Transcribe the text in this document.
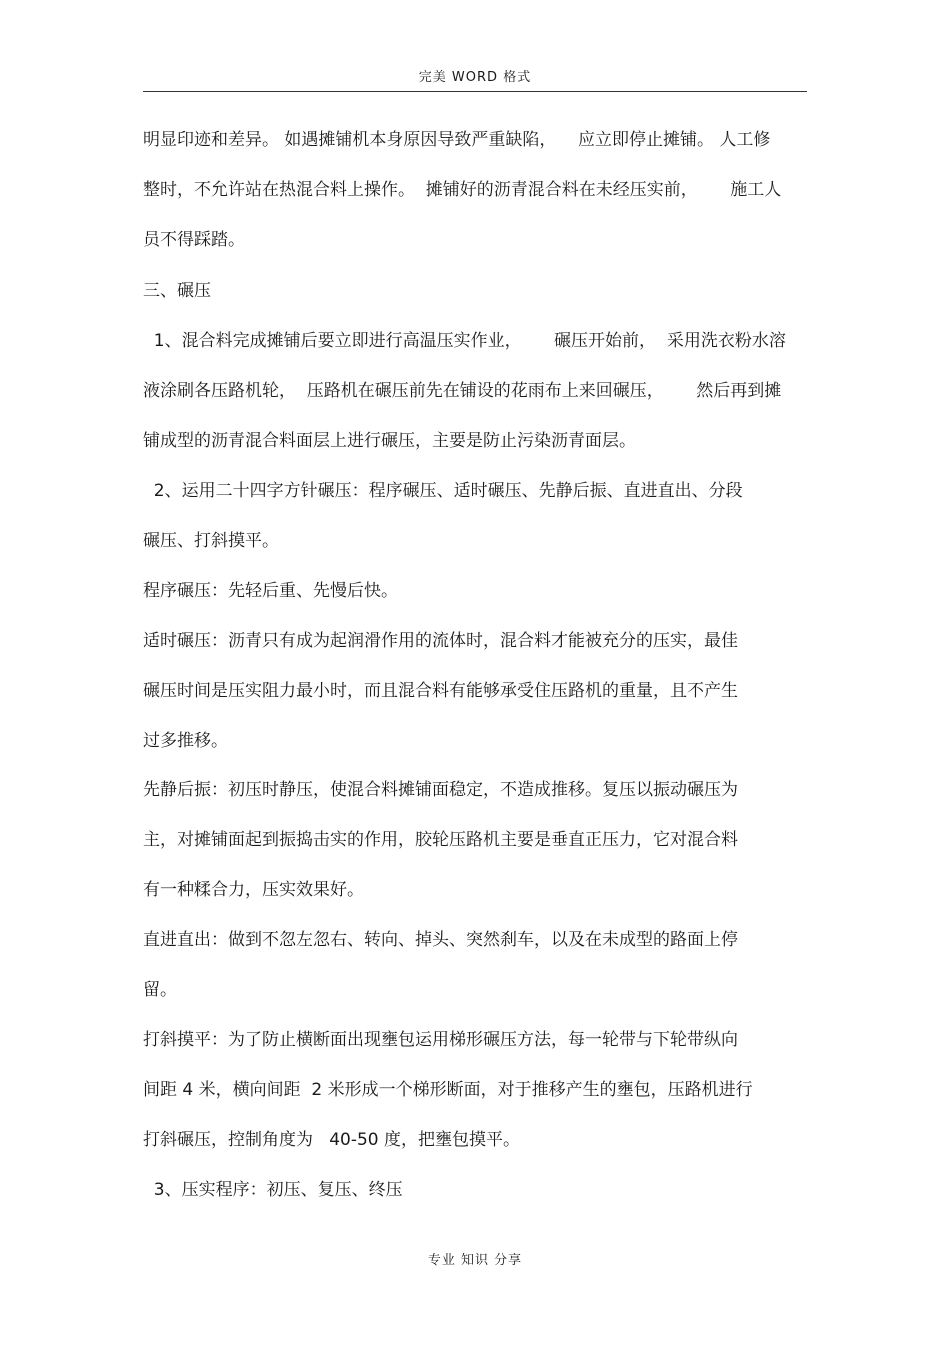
完美 WORD 格式
明显印迹和差异。 如遇摊铺机本身原因导致严重缺陷，    应立即停止摊铺。 人工修
整时，不允许站在热混合料上操作。  摊铺好的沥青混合料在未经压实前，      施工人
员不得踩踏。
三、碾压
1、混合料完成摊铺后要立即进行高温压实作业，      碾压开始前，  采用洗衣粉水溶
液涂刷各压路机轮，  压路机在碾压前先在铺设的花雨布上来回碾压，      然后再到摊
铺成型的沥青混合料面层上进行碾压，主要是防止污染沥青面层。
2、运用二十四字方针碾压：程序碾压、适时碾压、先静后振、直进直出、分段
碾压、打斜摸平。
程序碾压：先轻后重、先慢后快。
适时碾压：沥青只有成为起润滑作用的流体时，混合料才能被充分的压实，最佳
碾压时间是压实阻力最小时，而且混合料有能够承受住压路机的重量，且不产生
过多推移。
先静后振：初压时静压，使混合料摊铺面稳定，不造成推移。复压以振动碾压为
主，对摊铺面起到振捣击实的作用，胶轮压路机主要是垂直正压力，它对混合料
有一种糅合力，压实效果好。
直进直出：做到不忽左忽右、转向、掉头、突然刹车，以及在未成型的路面上停
留。
打斜摸平：为了防止横断面出现壅包运用梯形碾压方法，每一轮带与下轮带纵向
间距 4 米，横向间距  2 米形成一个梯形断面，对于推移产生的壅包，压路机进行
打斜碾压，控制角度为   40-50 度，把壅包摸平。
3、压实程序：初压、复压、终压
专业 知识 分享
